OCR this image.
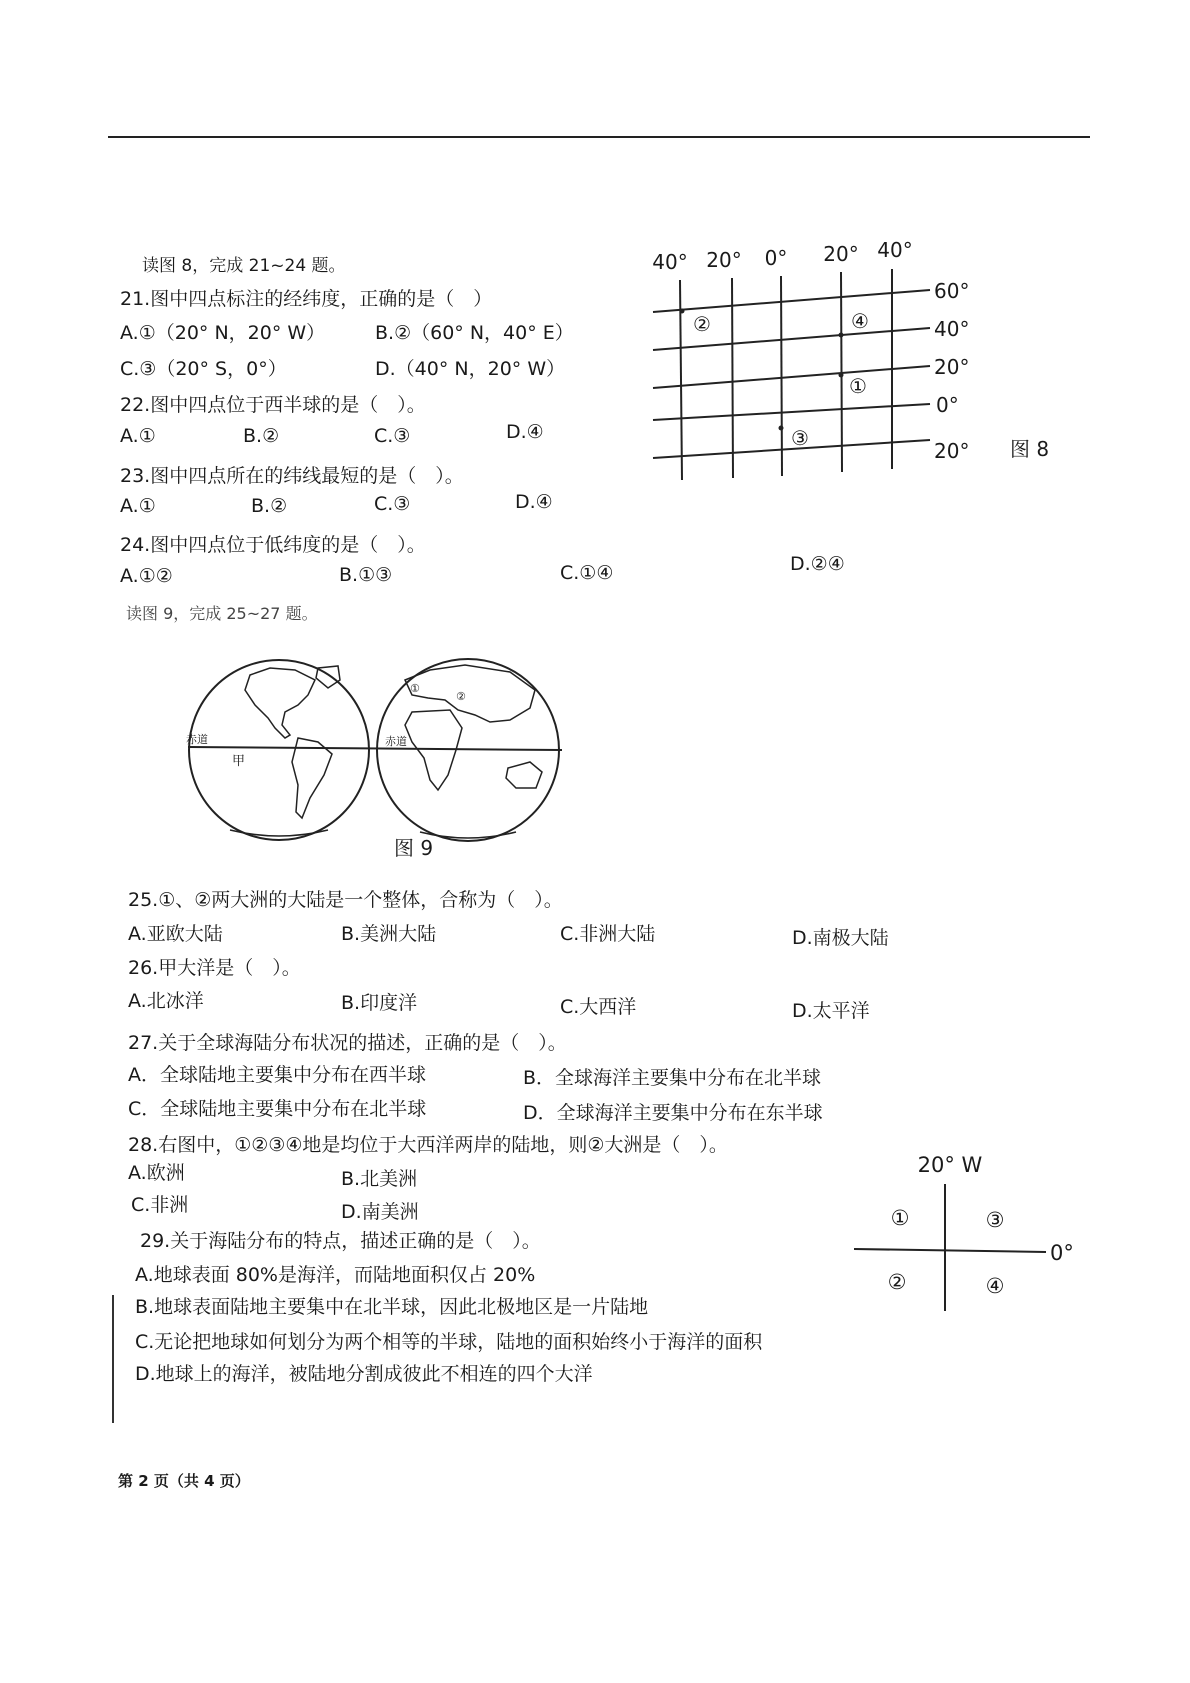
读图 8，完成 21~24 题。
21.图中四点标注的经纬度，正确的是（　）
A.①（20° N，20° W）	B.②（60° N，40° E）
C.③（20° S，0°）	D.（40° N，20° W）
22.图中四点位于西半球的是（　）。
A.①	B.②	C.③	D.④
23.图中四点所在的纬线最短的是（　）。
A.①	B.②	C.③	D.④
24.图中四点位于低纬度的是（　）。
A.①②	B.①③	C.①④	D.②④
40° 20° 0° 20° 40°
60°
40°
20°
0°
20°
②	④
①
③	图 8
读图 9，完成 25~27 题。
赤道	赤道
甲
①
②
图 9
25.①、②两大洲的大陆是一个整体，合称为（　）。
A.亚欧大陆	B.美洲大陆	C.非洲大陆	D.南极大陆
26.甲大洋是（　）。
A.北冰洋	B.印度洋	C.大西洋	D.太平洋
27.关于全球海陆分布状况的描述，正确的是（　）。
A．全球陆地主要集中分布在西半球	B．全球海洋主要集中分布在北半球
C．全球陆地主要集中分布在北半球	D．全球海洋主要集中分布在东半球
28.右图中，①②③④地是均位于大西洋两岸的陆地，则②大洲是（　）。
A.欧洲	B.北美洲
C.非洲	D.南美洲
20° W
0°
①	③
②	④
29.关于海陆分布的特点，描述正确的是（　）。
A.地球表面 80%是海洋，而陆地面积仅占 20%
B.地球表面陆地主要集中在北半球，因此北极地区是一片陆地
C.无论把地球如何划分为两个相等的半球，陆地的面积始终小于海洋的面积
D.地球上的海洋，被陆地分割成彼此不相连的四个大洋
第 2 页（共 4 页）
